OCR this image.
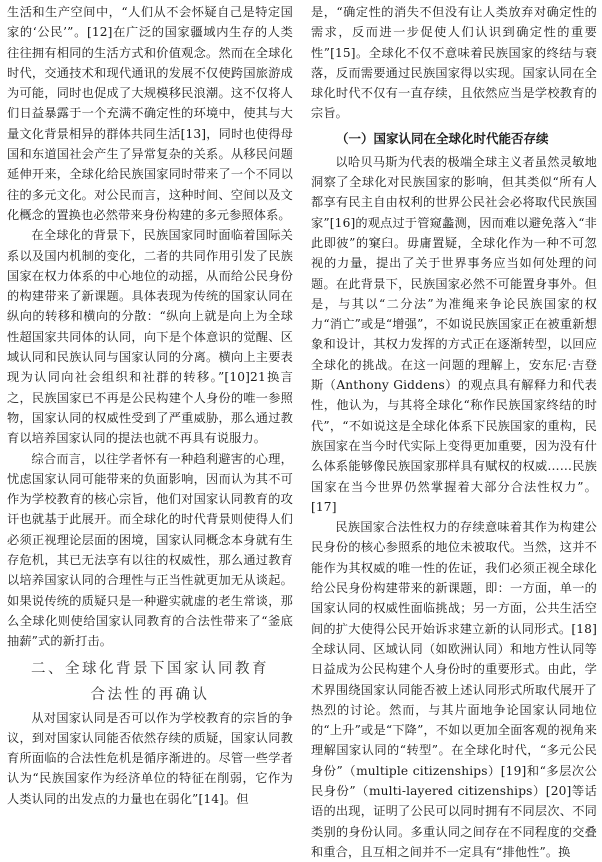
生活和生产空间中，“人们从不会怀疑自己是特定国家的‘公民’”。[12]在广泛的国家疆域内生存的人类往往拥有相同的生活方式和价值观念。然而在全球化时代，交通技术和现代通讯的发展不仅使跨国旅游成为可能，同时也促成了大规模移民浪潮。这不仅将人们日益暴露于一个充满不确定性的环境中，使其与大量文化背景相异的群体共同生活[13]，同时也使得母国和东道国社会产生了异常复杂的关系。从移民问题延伸开来，全球化给民族国家同时带来了一个不同以往的多元文化。对公民而言，这种时间、空间以及文化概念的置换也必然带来身份构建的多元参照体系。

在全球化的背景下，民族国家同时面临着国际关系以及国内机制的变化，二者的共同作用引发了民族国家在权力体系的中心地位的动摇，从而给公民身份的构建带来了新课题。具体表现为传统的国家认同在纵向的转移和横向的分散：“纵向上就是向上为全球性超国家共同体的认同，向下是个体意识的觉醒、区域认同和民族认同与国家认同的分离。横向上主要表现为认同向社会组织和社群的转移。”[10]21换言之，民族国家已不再是公民构建个人身份的唯一参照物，国家认同的权威性受到了严重威胁，那么通过教育以培养国家认同的提法也就不再具有说服力。

综合而言，以往学者怀有一种趋利避害的心理，忧虑国家认同可能带来的负面影响，因而认为其不可作为学校教育的核心宗旨，他们对国家认同教育的攻讦也就基于此展开。而全球化的时代背景则使得人们必须正视理论层面的困境，国家认同概念本身就有生存危机，其已无法享有以往的权威性，那么通过教育以培养国家认同的合理性与正当性就更加无从谈起。如果说传统的质疑只是一种避实就虚的老生常谈，那么全球化则使给国家认同教育的合法性带来了“釜底抽薪”式的新打击。

二、全球化背景下国家认同教育
合法性的再确认

从对国家认同是否可以作为学校教育的宗旨的争议，到对国家认同能否依然存续的质疑，国家认同教育所面临的合法性危机是循序渐进的。尽管一些学者认为“民族国家作为经济单位的特征在削弱，它作为人类认同的出发点的力量也在弱化”[14]。但

是，“确定性的消失不但没有让人类放弃对确定性的需求，反而进一步促使人们认识到确定性的重要性”[15]。全球化不仅不意味着民族国家的终结与衰落，反而需要通过民族国家得以实现。国家认同在全球化时代不仅有一直存续，且依然应当是学校教育的宗旨。

（一）国家认同在全球化时代能否存续

以哈贝马斯为代表的极端全球主义者虽然灵敏地洞察了全球化对民族国家的影响，但其类似“所有人都享有民主自由权利的世界公民社会必将取代民族国家”[16]的观点过于管窥蠡测，因而难以避免落入“非此即彼”的窠臼。毋庸置疑，全球化作为一种不可忽视的力量，提出了关于世界事务应当如何处理的问题。在此背景下，民族国家必然不可能置身事外。但是，与其以“二分法”为准绳来争论民族国家的权力“消亡”或是“增强”，不如说民族国家正在被重新想象和设计，其权力发挥的方式正在逐渐转型，以回应全球化的挑战。在这一问题的理解上，安东尼·吉登斯（Anthony Giddens）的观点具有解释力和代表性，他认为，与其将全球化“称作民族国家终结的时代”，“不如说这是全球化体系下民族国家的重构，民族国家在当今时代实际上变得更加重要，因为没有什么体系能够像民族国家那样具有赋权的权威……民族国家在当今世界仍然掌握着大部分合法性权力”。[17]

民族国家合法性权力的存续意味着其作为构建公民身份的核心参照系的地位未被取代。当然，这并不能作为其权威的唯一性的佐证，我们必须正视全球化给公民身份构建带来的新课题，即：一方面，单一的国家认同的权威性面临挑战；另一方面，公共生活空间的扩大使得公民开始诉求建立新的认同形式。[18]全球认同、区域认同（如欧洲认同）和地方性认同等日益成为公民构建个人身份时的重要形式。由此，学术界围绕国家认同能否被上述认同形式所取代展开了热烈的讨论。然而，与其片面地争论国家认同地位的“上升”或是“下降”，不如以更加全面客观的视角来理解国家认同的“转型”。在全球化时代，“多元公民身份”（multiple citizenships）[19]和“多层次公民身份”（multi-layered citizenships）[20]等话语的出现，证明了公民可以同时拥有不同层次、不同类别的身份认同。多重认同之间存在不同程度的交叠和重合，且互相之间并不一定具有“排他性”。换
